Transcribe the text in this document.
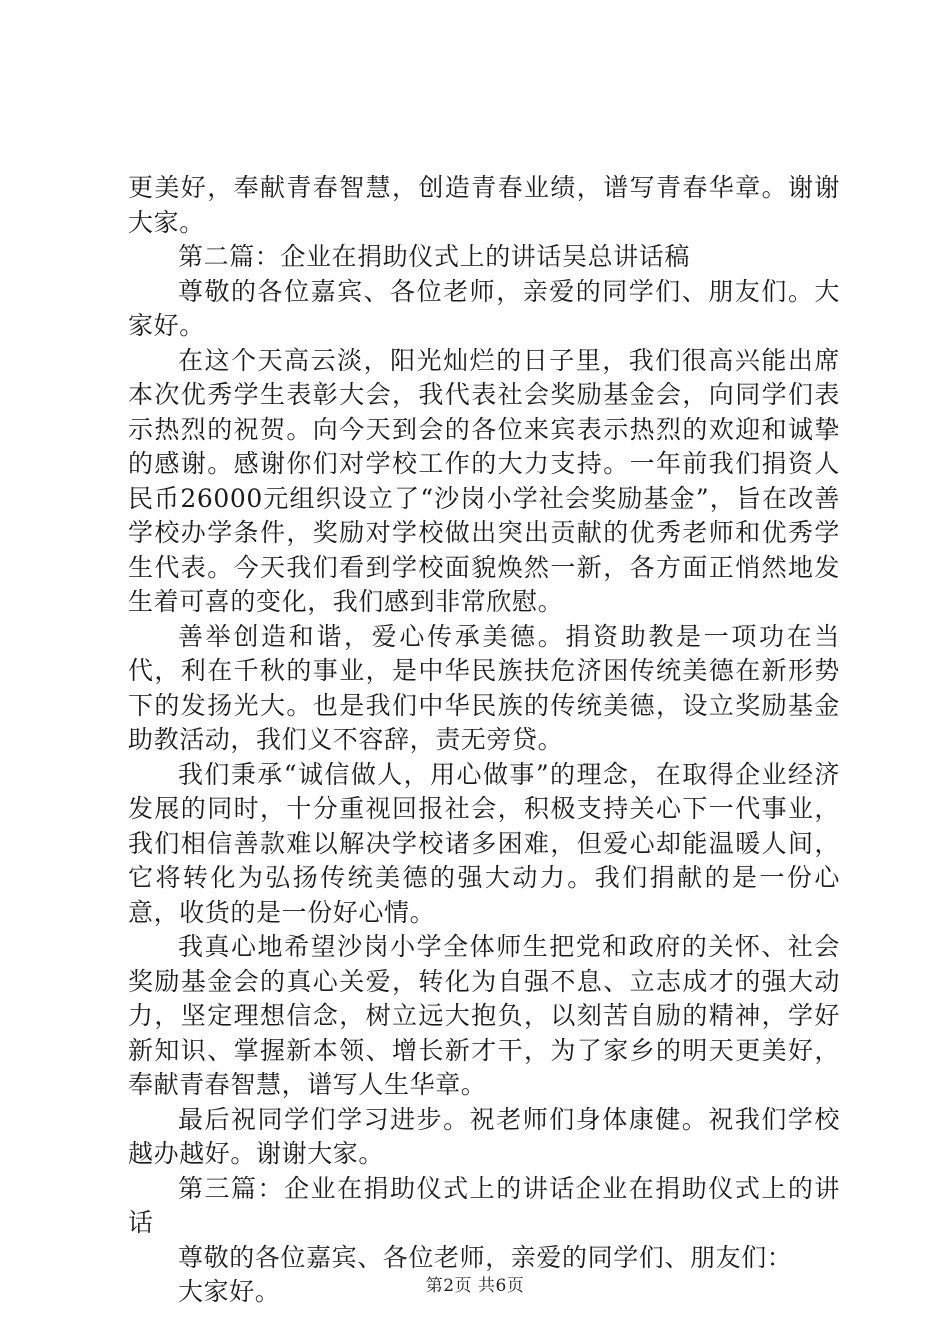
更美好，奉献青春智慧，创造青春业绩，谱写青春华章。谢谢大家。

第二篇：企业在捐助仪式上的讲话吴总讲话稿

尊敬的各位嘉宾、各位老师，亲爱的同学们、朋友们。大家好。

在这个天高云淡，阳光灿烂的日子里，我们很高兴能出席本次优秀学生表彰大会，我代表社会奖励基金会，向同学们表示热烈的祝贺。向今天到会的各位来宾表示热烈的欢迎和诚挚的感谢。感谢你们对学校工作的大力支持。一年前我们捐资人民币26000元组织设立了“沙岗小学社会奖励基金”，旨在改善学校办学条件，奖励对学校做出突出贡献的优秀老师和优秀学生代表。今天我们看到学校面貌焕然一新，各方面正悄然地发生着可喜的变化，我们感到非常欣慰。

善举创造和谐，爱心传承美德。捐资助教是一项功在当代，利在千秋的事业，是中华民族扶危济困传统美德在新形势下的发扬光大。也是我们中华民族的传统美德，设立奖励基金助教活动，我们义不容辞，责无旁贷。

我们秉承“诚信做人，用心做事”的理念，在取得企业经济发展的同时，十分重视回报社会，积极支持关心下一代事业，我们相信善款难以解决学校诸多困难，但爱心却能温暖人间，它将转化为弘扬传统美德的强大动力。我们捐献的是一份心意，收货的是一份好心情。

我真心地希望沙岗小学全体师生把党和政府的关怀、社会奖励基金会的真心关爱，转化为自强不息、立志成才的强大动力，坚定理想信念，树立远大抱负，以刻苦自励的精神，学好新知识、掌握新本领、增长新才干，为了家乡的明天更美好，奉献青春智慧，谱写人生华章。

最后祝同学们学习进步。祝老师们身体康健。祝我们学校越办越好。谢谢大家。

第三篇：企业在捐助仪式上的讲话企业在捐助仪式上的讲话

尊敬的各位嘉宾、各位老师，亲爱的同学们、朋友们：

大家好。	第2页 共6页
